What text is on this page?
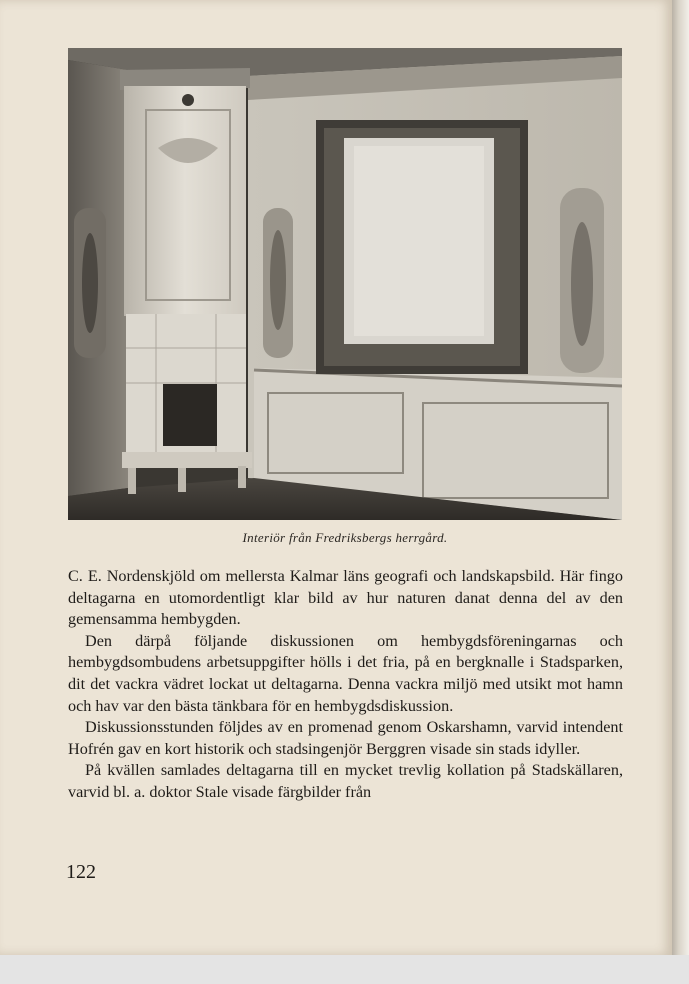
Interiör från Fredriksbergs herrgård.

C. E. Nordenskjöld om mellersta Kalmar läns geografi och landskapsbild. Här fingo deltagarna en utomordentligt klar bild av hur naturen danat denna del av den gemensamma hembygden.

Den därpå följande diskussionen om hembygdsföreningarnas och hembygdsombudens arbetsuppgifter hölls i det fria, på en bergknalle i Stadsparken, dit det vackra vädret lockat ut deltagarna. Denna vackra miljö med utsikt mot hamn och hav var den bästa tänkbara för en hembygdsdiskussion.

Diskussionsstunden följdes av en promenad genom Oskarshamn, varvid intendent Hofrén gav en kort historik och stadsingenjör Berggren visade sin stads idyller.

På kvällen samlades deltagarna till en mycket trevlig kollation på Stadskällaren, varvid bl. a. doktor Stale visade färgbilder från

122
